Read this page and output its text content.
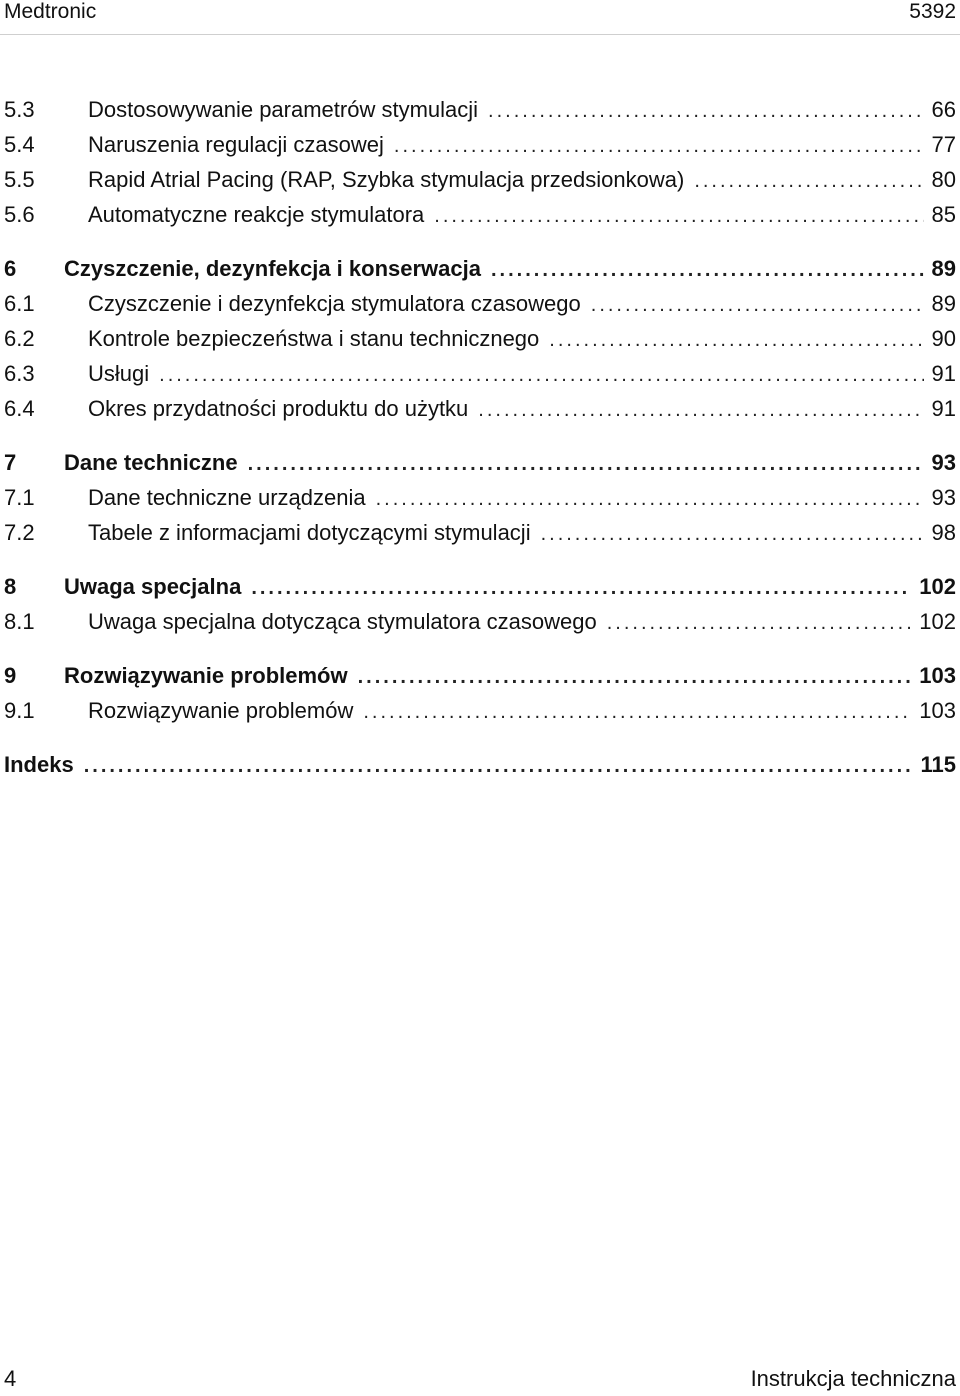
Medtronic	5392
5.3	Dostosowywanie parametrów stymulacji .....	66
5.4	Naruszenia regulacji czasowej .....	77
5.5	Rapid Atrial Pacing (RAP, Szybka stymulacja przedsionkowa) .....	80
5.6	Automatyczne reakcje stymulatora .....	85
6	Czyszczenie, dezynfekcja i konserwacja .....	89
6.1	Czyszczenie i dezynfekcja stymulatora czasowego .....	89
6.2	Kontrole bezpieczeństwa i stanu technicznego .....	90
6.3	Usługi .....	91
6.4	Okres przydatności produktu do użytku .....	91
7	Dane techniczne .....	93
7.1	Dane techniczne urządzenia .....	93
7.2	Tabele z informacjami dotyczącymi stymulacji .....	98
8	Uwaga specjalna .....	102
8.1	Uwaga specjalna dotycząca stymulatora czasowego .....	102
9	Rozwiązywanie problemów .....	103
9.1	Rozwiązywanie problemów .....	103
Indeks .....	115
4	Instrukcja techniczna
